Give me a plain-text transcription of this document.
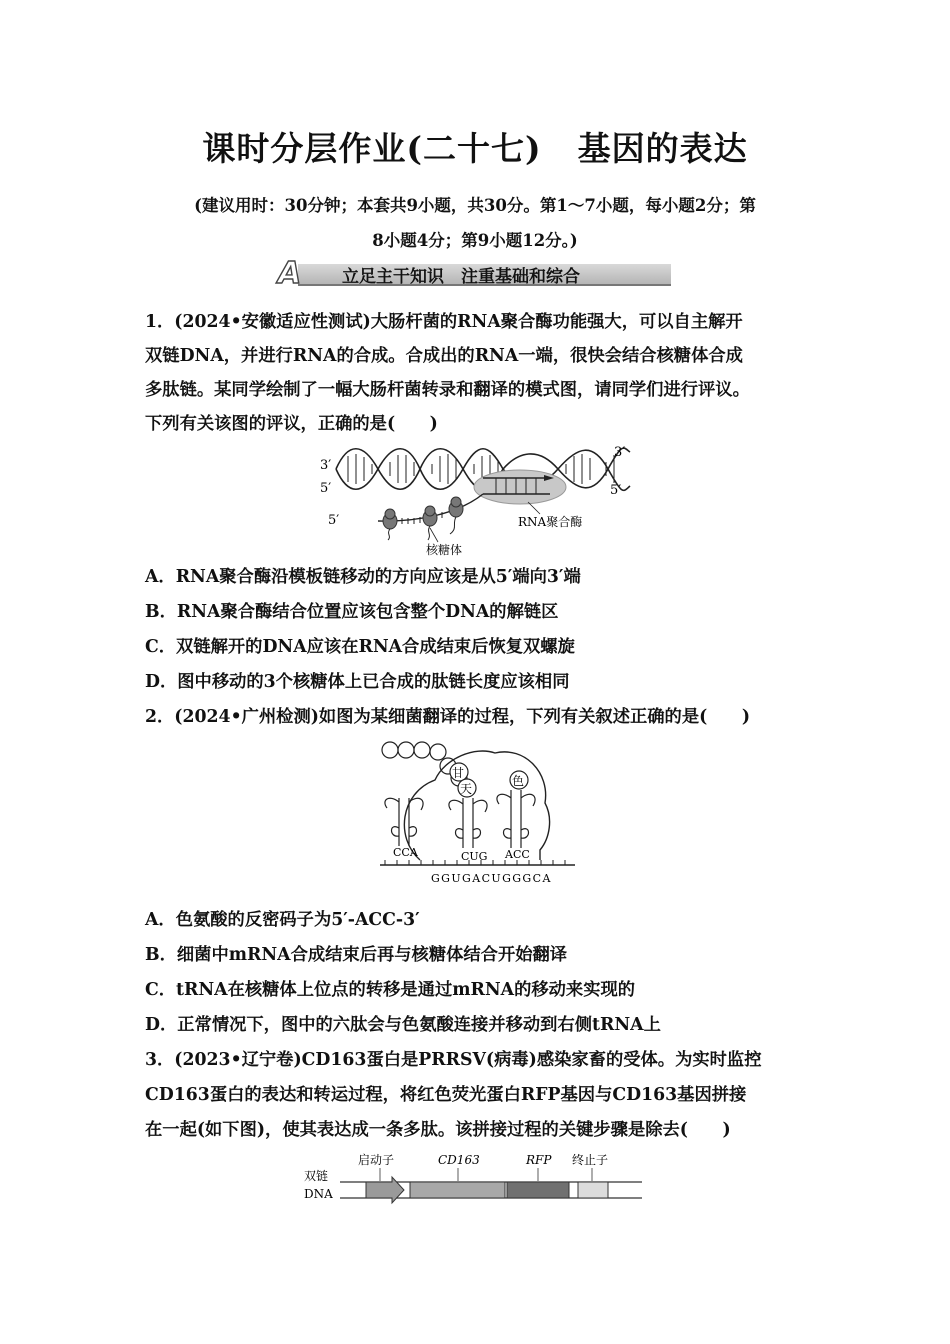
课时分层作业(二十七) 基因的表达
(建议用时：30分钟；本套共9小题，共30分。第1～7小题，每小题2分；第
8小题4分；第9小题12分。)
A 立足主干知识　注重基础和综合
1．(2024•安徽适应性测试)大肠杆菌的RNA聚合酶功能强大，可以自主解开
双链DNA，并进行RNA的合成。合成出的RNA一端，很快会结合核糖体合成
多肽链。某同学绘制了一幅大肠杆菌转录和翻译的模式图，请同学们进行评议。
下列有关该图的评议，正确的是(　　)
3′
5′
3′
5′
5′	RNA聚合酶
核糖体
A．RNA聚合酶沿模板链移动的方向应该是从5′端向3′端
B．RNA聚合酶结合位置应该包含整个DNA的解链区
C．双链解开的DNA应该在RNA合成结束后恢复双螺旋
D．图中移动的3个核糖体上已合成的肽链长度应该相同
2．(2024•广州检测)如图为某细菌翻译的过程，下列有关叙述正确的是(　　)
甘
天
色
CCA	CUG ACC
GGUGACUGGGCA
A．色氨酸的反密码子为5′-ACC-3′
B．细菌中mRNA合成结束后再与核糖体结合开始翻译
C．tRNA在核糖体上位点的转移是通过mRNA的移动来实现的
D．正常情况下，图中的六肽会与色氨酸连接并移动到右侧tRNA上
3．(2023•辽宁卷)CD163蛋白是PRRSV(病毒)感染家畜的受体。为实时监控
CD163蛋白的表达和转运过程，将红色荧光蛋白RFP基因与CD163基因拼接
在一起(如下图)，使其表达成一条多肽。该拼接过程的关键步骤是除去(　　)
双链
DNA
启动子	CD163	RFP 终止子
